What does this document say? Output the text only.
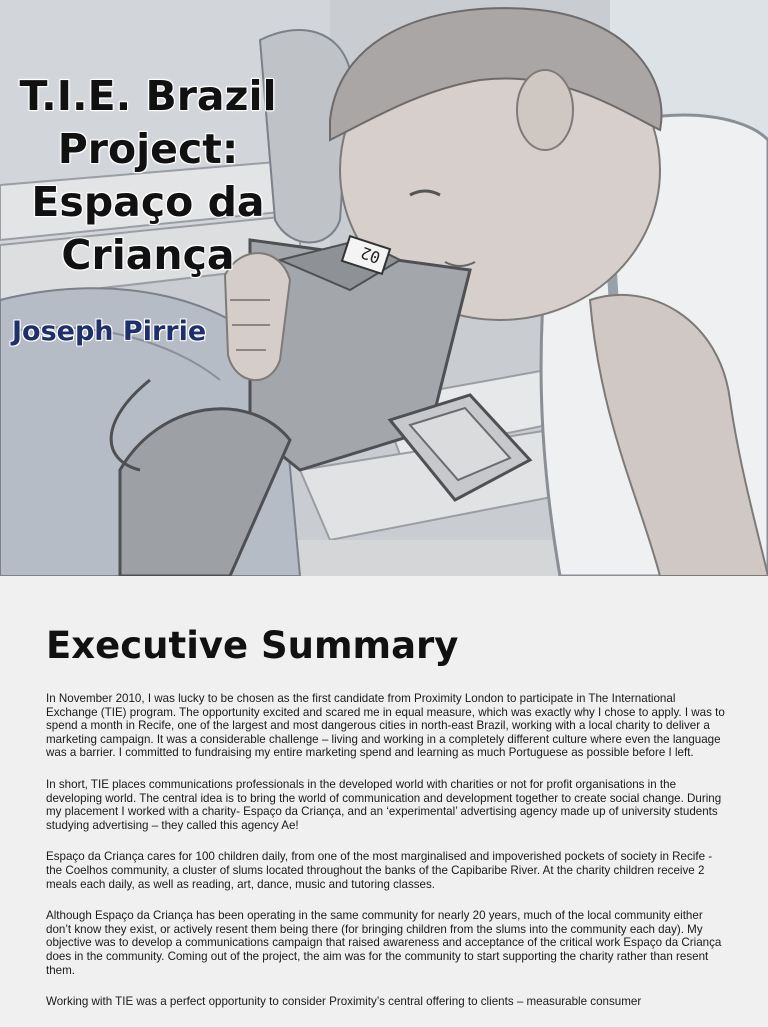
02
T.I.E. Brazil
Project:
Espaço da
Criança
Joseph Pirrie
Executive Summary

In November 2010, I was lucky to be chosen as the first candidate from Proximity London to participate in The International Exchange (TIE) program. The opportunity excited and scared me in equal measure, which was exactly why I chose to apply. I was to spend a month in Recife, one of the largest and most dangerous cities in north-east Brazil, working with a local charity to deliver a marketing campaign. It was a considerable challenge – living and working in a completely different culture where even the language was a barrier. I committed to fundraising my entire marketing spend and learning as much Portuguese as possible before I left.

In short, TIE places communications professionals in the developed world with charities or not for profit organisations in the developing world. The central idea is to bring the world of communication and development together to create social change. During my placement I worked with a charity- Espaço da Criança, and an ‘experimental’ advertising agency made up of university students studying advertising – they called this agency Ae!

Espaço da Criança cares for 100 children daily, from one of the most marginalised and impoverished pockets of society in Recife - the Coelhos community, a cluster of slums located throughout the banks of the Capibaribe River. At the charity children receive 2 meals each daily, as well as reading, art, dance, music and tutoring classes.

Although Espaço da Criança has been operating in the same community for nearly 20 years, much of the local community either don’t know they exist, or actively resent them being there (for bringing children from the slums into the community each day). My objective was to develop a communications campaign that raised awareness and acceptance of the critical work Espaço da Criança does in the community. Coming out of the project, the aim was for the community to start supporting the charity rather than resent them.

Working with TIE was a perfect opportunity to consider Proximity’s central offering to clients – measurable consumer
